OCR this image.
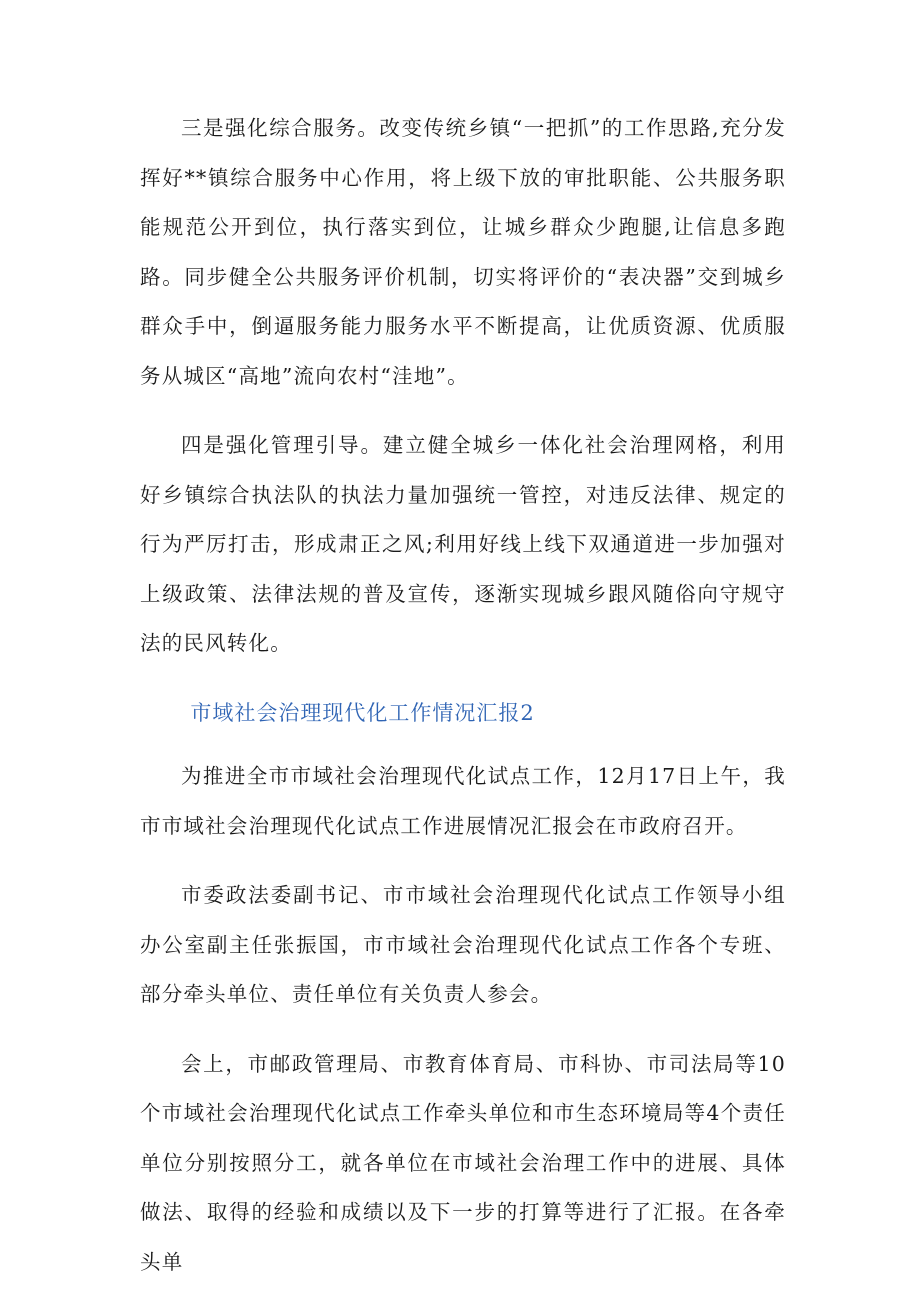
三是强化综合服务。改变传统乡镇“一把抓”的工作思路,充分发挥好**镇综合服务中心作用，将上级下放的审批职能、公共服务职能规范公开到位，执行落实到位，让城乡群众少跑腿,让信息多跑路。同步健全公共服务评价机制，切实将评价的“表决器”交到城乡群众手中，倒逼服务能力服务水平不断提高，让优质资源、优质服务从城区“高地”流向农村“洼地”。

四是强化管理引导。建立健全城乡一体化社会治理网格，利用好乡镇综合执法队的执法力量加强统一管控，对违反法律、规定的行为严厉打击，形成肃正之风;利用好线上线下双通道进一步加强对上级政策、法律法规的普及宣传，逐渐实现城乡跟风随俗向守规守法的民风转化。

市域社会治理现代化工作情况汇报2

为推进全市市域社会治理现代化试点工作，12月17日上午，我市市域社会治理现代化试点工作进展情况汇报会在市政府召开。

市委政法委副书记、市市域社会治理现代化试点工作领导小组办公室副主任张振国，市市域社会治理现代化试点工作各个专班、部分牵头单位、责任单位有关负责人参会。

会上，市邮政管理局、市教育体育局、市科协、市司法局等10个市域社会治理现代化试点工作牵头单位和市生态环境局等4个责任单位分别按照分工，就各单位在市域社会治理工作中的进展、具体做法、取得的经验和成绩以及下一步的打算等进行了汇报。在各牵头单
